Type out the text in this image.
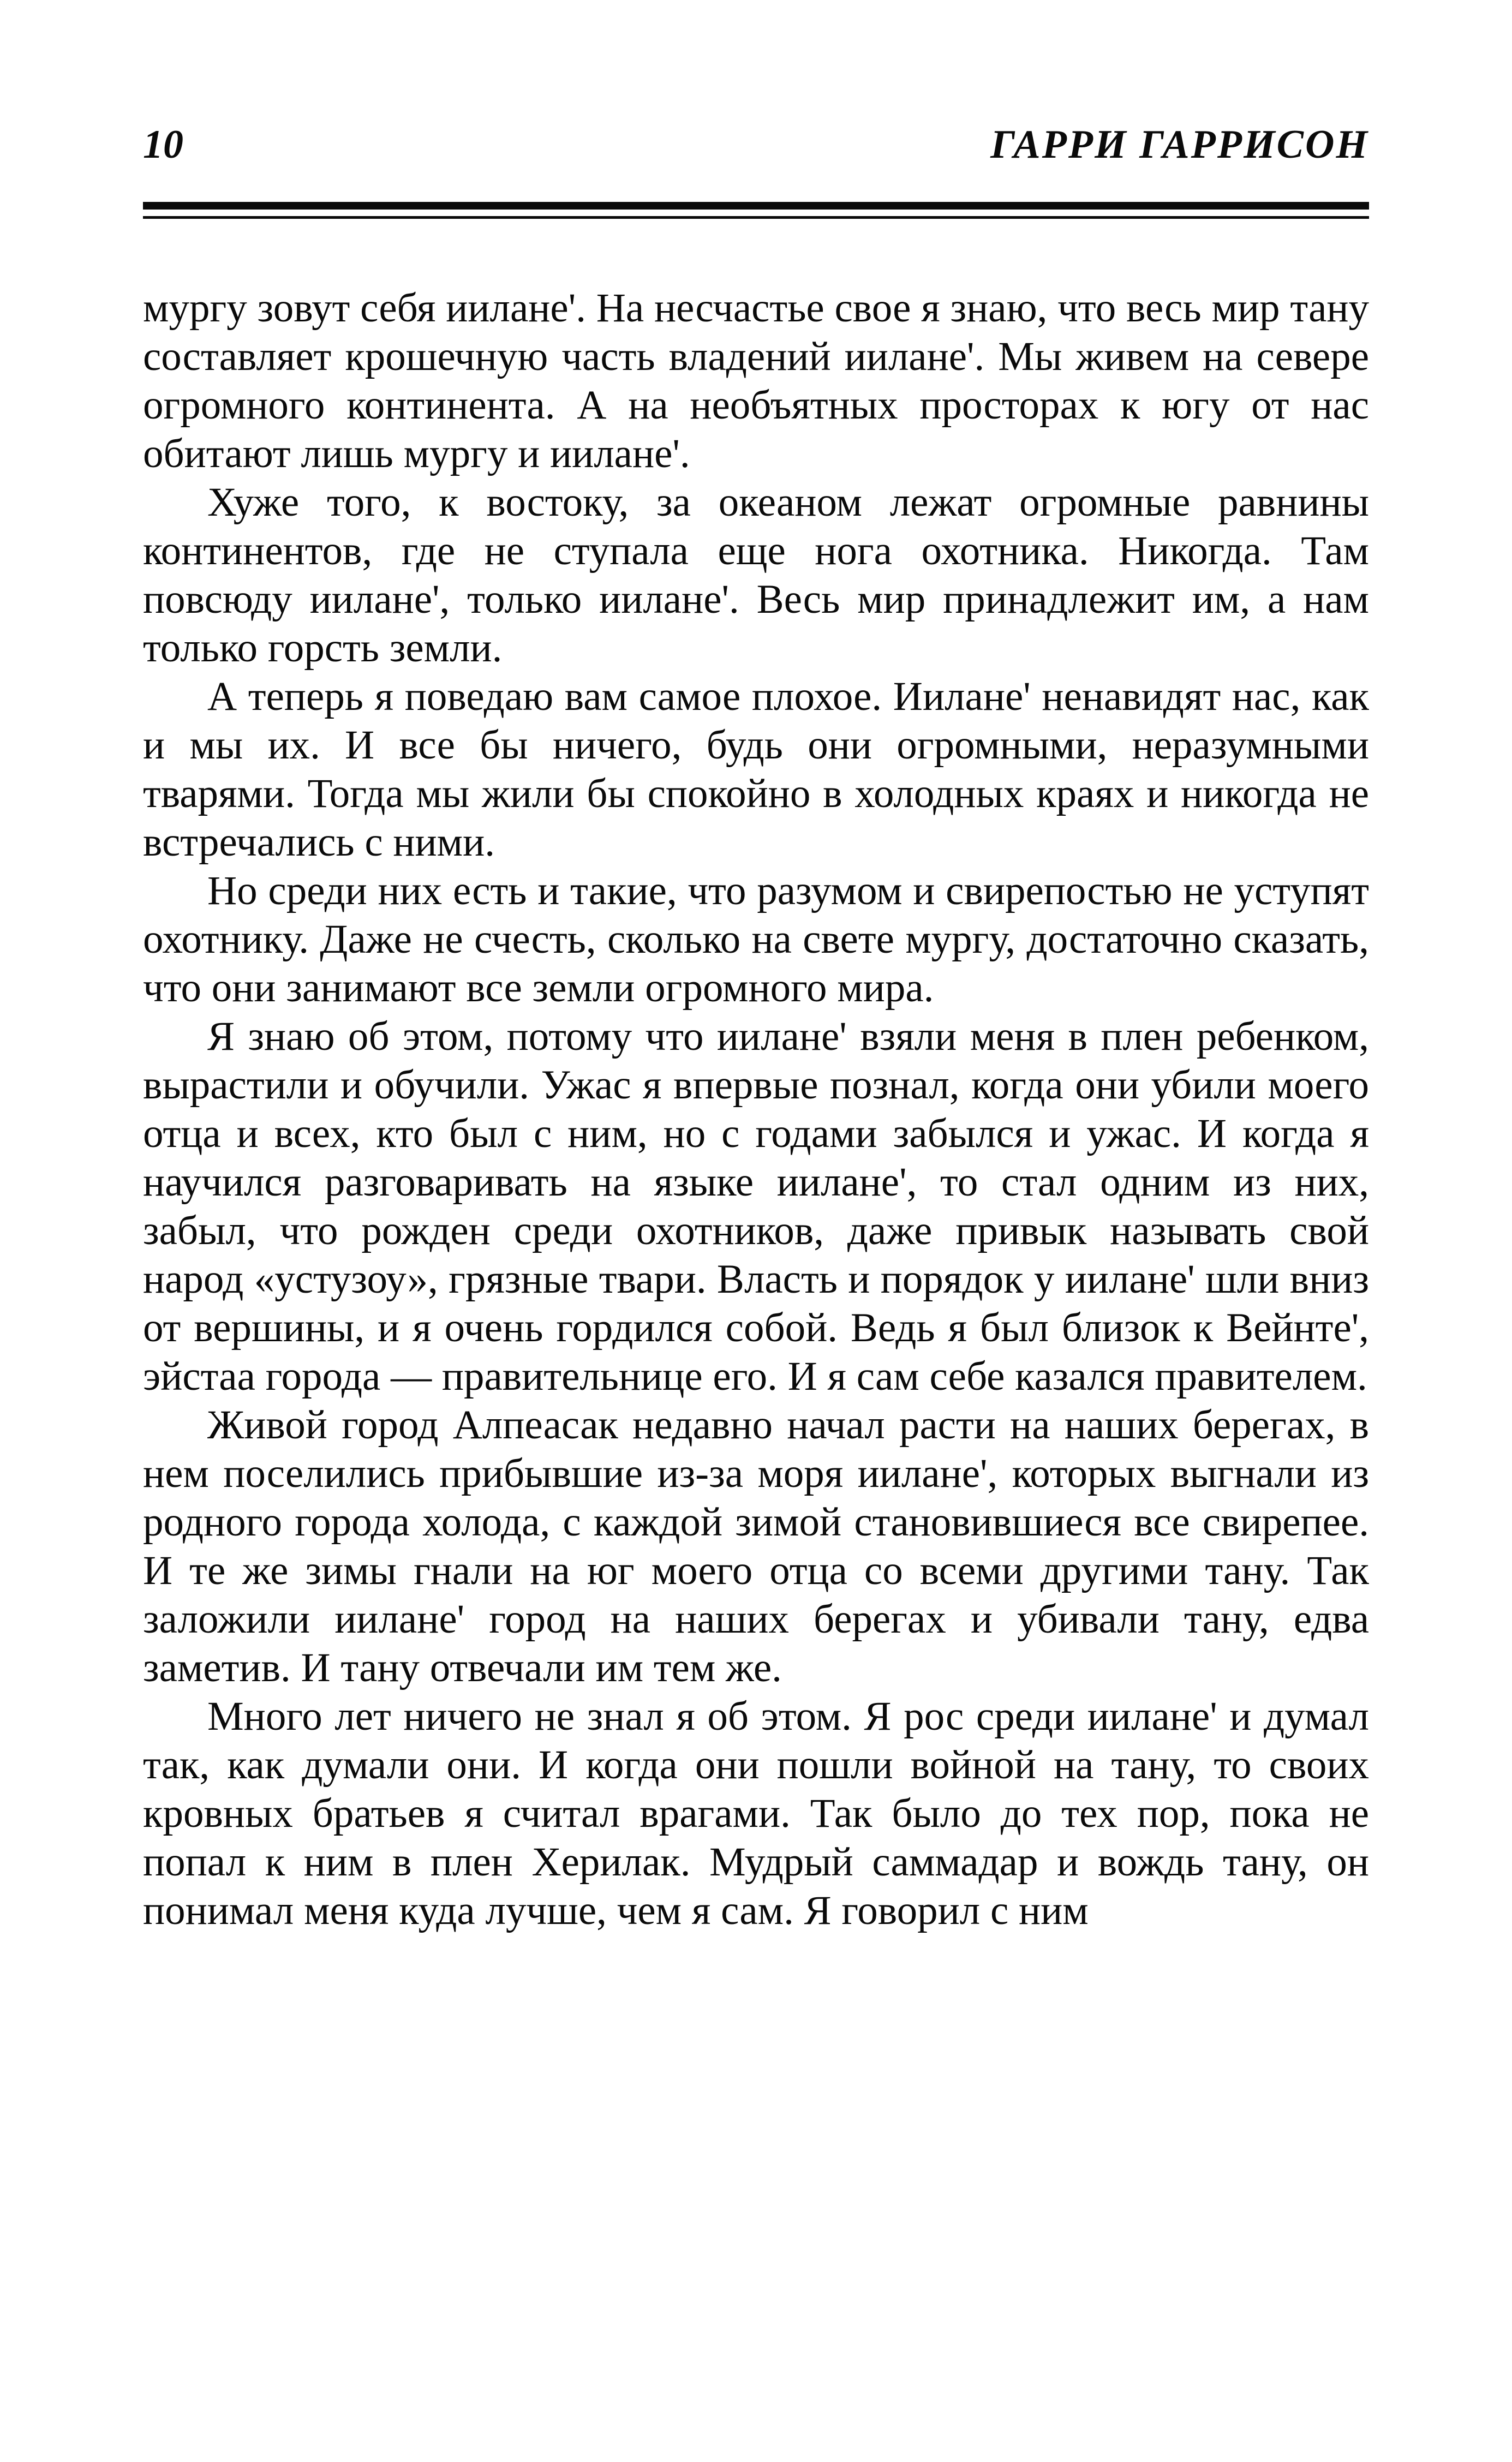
10	ГАРРИ ГАРРИСОН

мургу зовут себя иилане'. На несчастье свое я знаю, что весь мир тану составляет крошечную часть владений иилане'. Мы живем на севере огромного континента. А на необъятных просторах к югу от нас обитают лишь мургу и иилане'.

Хуже того, к востоку, за океаном лежат огромные равнины континентов, где не ступала еще нога охотника. Никогда. Там повсюду иилане', только иилане'. Весь мир принадлежит им, а нам только горсть земли.

А теперь я поведаю вам самое плохое. Иилане' ненавидят нас, как и мы их. И все бы ничего, будь они огромными, неразумными тварями. Тогда мы жили бы спокойно в холодных краях и никогда не встречались с ними.

Но среди них есть и такие, что разумом и свирепостью не уступят охотнику. Даже не счесть, сколько на свете мургу, достаточно сказать, что они занимают все земли огромного мира.

Я знаю об этом, потому что иилане' взяли меня в плен ребенком, вырастили и обучили. Ужас я впервые познал, когда они убили моего отца и всех, кто был с ним, но с годами забылся и ужас. И когда я научился разговаривать на языке иилане', то стал одним из них, забыл, что рожден среди охотников, даже привык называть свой народ «устузоу», грязные твари. Власть и порядок у иилане' шли вниз от вершины, и я очень гордился собой. Ведь я был близок к Вейнте', эйстаа города — правительнице его. И я сам себе казался правителем.

Живой город Алпеасак недавно начал расти на наших берегах, в нем поселились прибывшие из-за моря иилане', которых выгнали из родного города холода, с каждой зимой становившиеся все свирепее. И те же зимы гнали на юг моего отца со всеми другими тану. Так заложили иилане' город на наших берегах и убивали тану, едва заметив. И тану отвечали им тем же.

Много лет ничего не знал я об этом. Я рос среди иилане' и думал так, как думали они. И когда они пошли войной на тану, то своих кровных братьев я считал врагами. Так было до тех пор, пока не попал к ним в плен Херилак. Мудрый саммадар и вождь тану, он понимал меня куда лучше, чем я сам. Я говорил с ним
